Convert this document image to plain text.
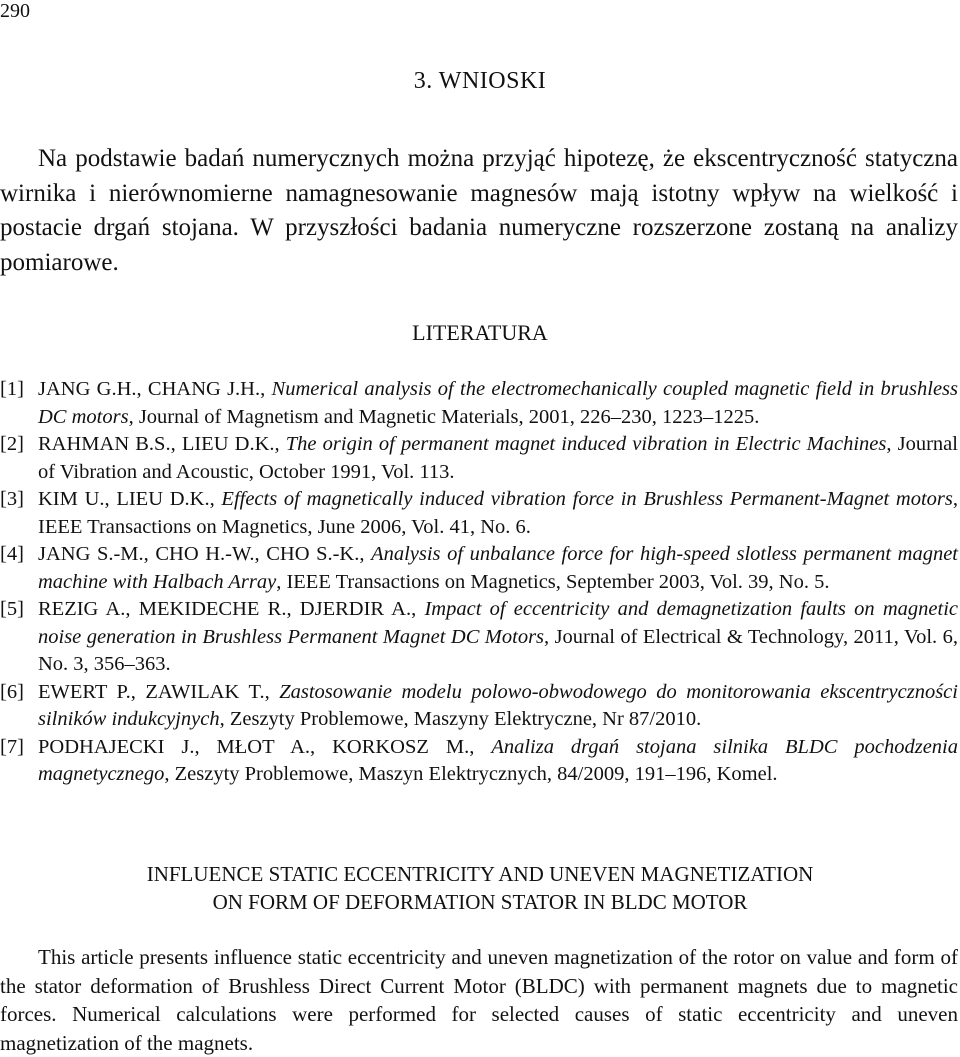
290
3. WNIOSKI

Na podstawie badań numerycznych można przyjąć hipotezę, że ekscentryczność statyczna wirnika i nierównomierne namagnesowanie magnesów mają istotny wpływ na wielkość i postacie drgań stojana. W przyszłości badania numeryczne rozszerzone zostaną na analizy pomiarowe.

LITERATURA

[1] JANG G.H., CHANG J.H., Numerical analysis of the electromechanically coupled magnetic field in brushless DC motors, Journal of Magnetism and Magnetic Materials, 2001, 226–230, 1223–1225.

[2] RAHMAN B.S., LIEU D.K., The origin of permanent magnet induced vibration in Electric Machines, Journal of Vibration and Acoustic, October 1991, Vol. 113.

[3] KIM U., LIEU D.K., Effects of magnetically induced vibration force in Brushless Permanent-Magnet motors, IEEE Transactions on Magnetics, June 2006, Vol. 41, No. 6.

[4] JANG S.-M., CHO H.-W., CHO S.-K., Analysis of unbalance force for high-speed slotless permanent magnet machine with Halbach Array, IEEE Transactions on Magnetics, September 2003, Vol. 39, No. 5.

[5] REZIG A., MEKIDECHE R., DJERDIR A., Impact of eccentricity and demagnetization faults on magnetic noise generation in Brushless Permanent Magnet DC Motors, Journal of Electrical & Technology, 2011, Vol. 6, No. 3, 356–363.

[6] EWERT P., ZAWILAK T., Zastosowanie modelu polowo-obwodowego do monitorowania ekscentryczności silników indukcyjnych, Zeszyty Problemowe, Maszyny Elektryczne, Nr 87/2010.

[7] PODHAJECKI J., MŁOT A., KORKOSZ M., Analiza drgań stojana silnika BLDC pochodzenia magnetycznego, Zeszyty Problemowe, Maszyn Elektrycznych, 84/2009, 191–196, Komel.

INFLUENCE STATIC ECCENTRICITY AND UNEVEN MAGNETIZATION
ON FORM OF DEFORMATION STATOR IN BLDC MOTOR

This article presents influence static eccentricity and uneven magnetization of the rotor on value and form of the stator deformation of Brushless Direct Current Motor (BLDC) with permanent magnets due to magnetic forces. Numerical calculations were performed for selected causes of static eccentricity and uneven magnetization of the magnets.
